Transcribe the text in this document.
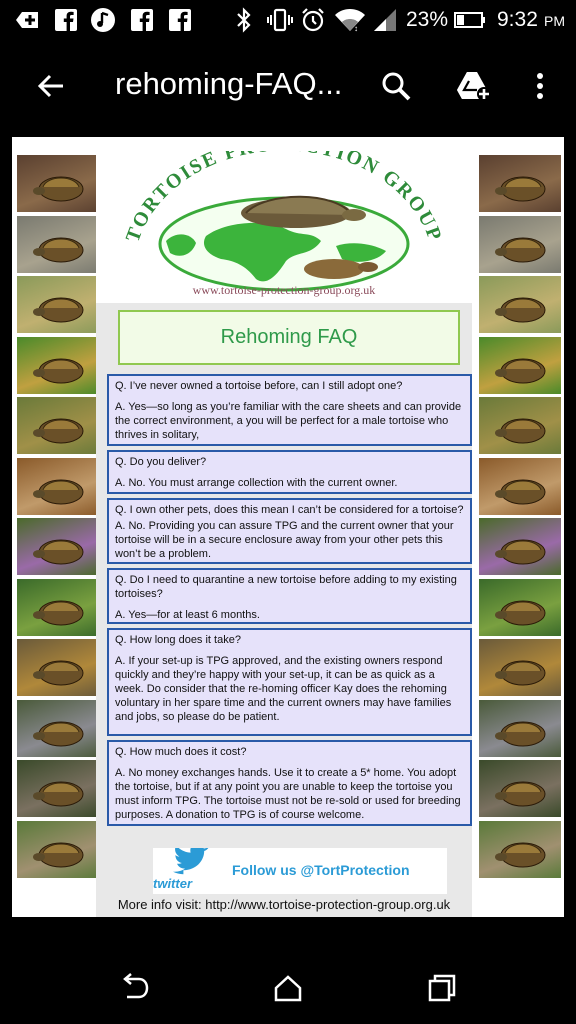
↕ 23% 9:32 PM
rehoming-FAQ...
TORTOISE P ION GROUP
www.tortoise-protection-group.org.uk
Rehoming FAQ
Q. I’ve never owned a tortoise before, can I still adopt one?
A. Yes—so long as you’re familiar with the care sheets and can provide the correct environment, a you will be perfect for a male tortoise who thrives in solitary,
Q. Do you deliver?
A. No. You must arrange collection with the current owner.
Q. I own other pets, does this mean I can’t be considered for a tortoise?
A. No. Providing you can assure TPG and the current owner that your tortoise will be in a secure enclosure away from your other pets this won’t be a problem.
Q. Do I need to quarantine a new tortoise before adding to my existing tortoises?
A. Yes—for at least 6 months.
Q. How long does it take?
A. If your set-up is TPG approved, and the existing owners respond quickly and they’re happy with your set-up, it can be as quick as a week. Do consider that the re-homing officer Kay does the rehoming voluntary in her spare time and the current owners may have families and jobs, so please do be patient.
Q. How much does it cost?
A. No money exchanges hands. Use it to create a 5* home. You adopt the tortoise, but if at any point you are unable to keep the tortoise you must inform TPG. The tortoise must not be re-sold or used for breeding purposes. A donation to TPG is of course welcome.
twitter
Follow us @TortProtection
More info visit: http://www.tortoise-protection-group.org.uk
